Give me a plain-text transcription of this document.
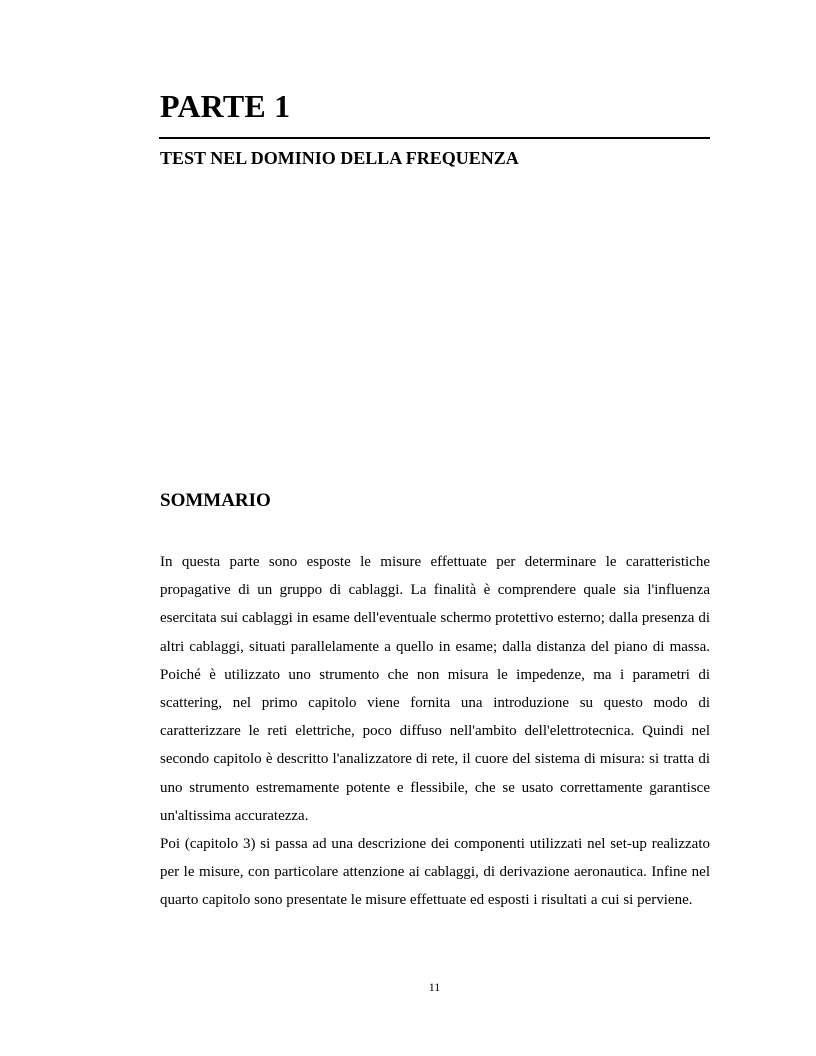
PARTE 1
TEST NEL DOMINIO DELLA FREQUENZA
SOMMARIO

In questa parte sono esposte le misure effettuate per determinare le caratteristiche propagative di un gruppo di cablaggi. La finalità è comprendere quale sia l'influenza esercitata sui cablaggi in esame dell'eventuale schermo protettivo esterno; dalla presenza di altri cablaggi, situati parallelamente a quello in esame; dalla distanza del piano di massa. Poiché è utilizzato uno strumento che non misura le impedenze, ma i parametri di scattering, nel primo capitolo viene fornita una introduzione su questo modo di caratterizzare le reti elettriche, poco diffuso nell'ambito dell'elettrotecnica. Quindi nel secondo capitolo è descritto l'analizzatore di rete, il cuore del sistema di misura: si tratta di uno strumento estremamente potente e flessibile, che se usato correttamente garantisce un'altissima accuratezza.

Poi (capitolo 3) si passa ad una descrizione dei componenti utilizzati nel set-up realizzato per le misure, con particolare attenzione ai cablaggi, di derivazione aeronautica. Infine nel quarto capitolo sono presentate le misure effettuate ed esposti i risultati a cui si perviene.

11
